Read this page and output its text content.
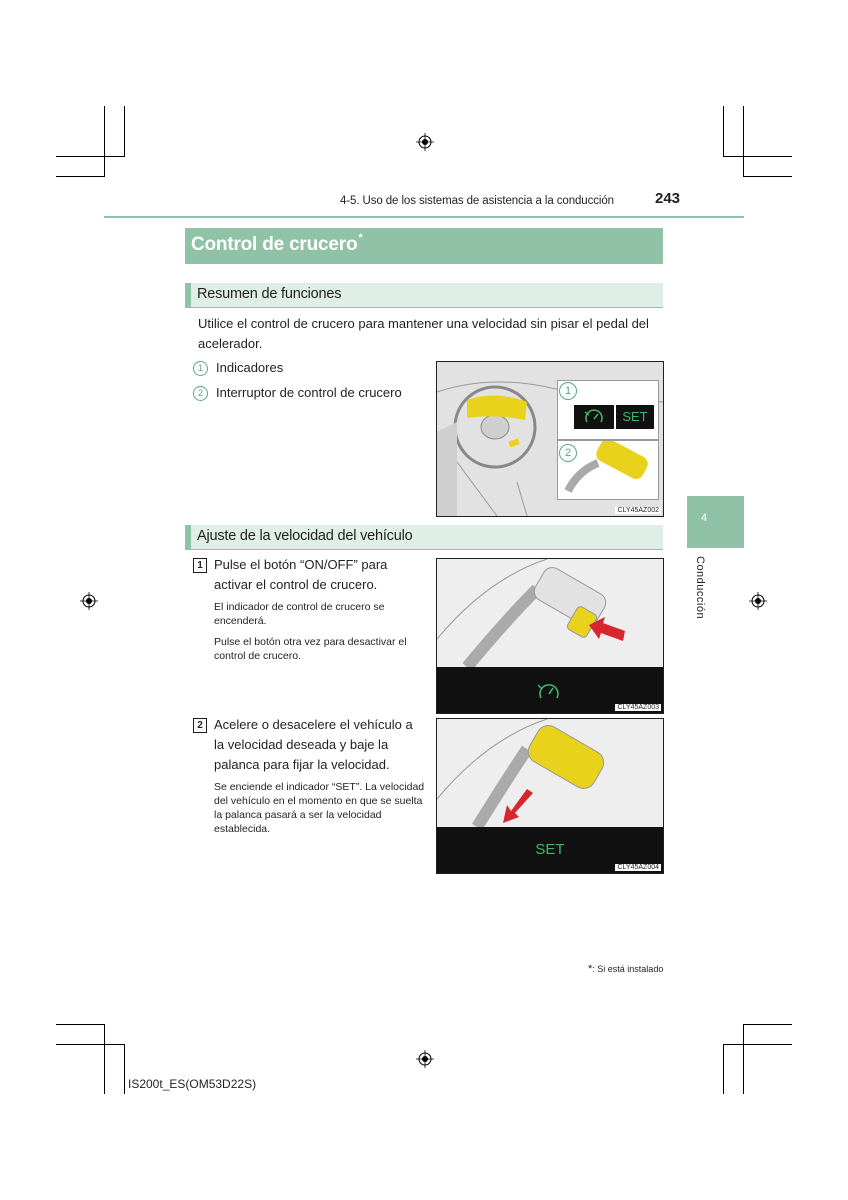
4-5. Uso de los sistemas de asistencia a la conducción	243
Control de crucero*
Resumen de funciones
Utilice el control de crucero para mantener una velocidad sin pisar el pedal del acelerador.
1 Indicadores
2 Interruptor de control de crucero
SET
1
2
CLY45AZ002
Ajuste de la velocidad del vehículo
1 Pulse el botón “ON/OFF” para activar el control de crucero.
El indicador de control de crucero se encenderá.
Pulse el botón otra vez para desactivar el control de crucero.
CLY45AZ003
2 Acelere o desacelere el vehículo a la velocidad deseada y baje la palanca para fijar la velocidad.
Se enciende el indicador “SET”. La velocidad del vehículo en el momento en que se suelta la palanca pasará a ser la velocidad establecida.
SET
CLY45AZ004
4
Conducción
*: Si está instalado
IS200t_ES(OM53D22S)
